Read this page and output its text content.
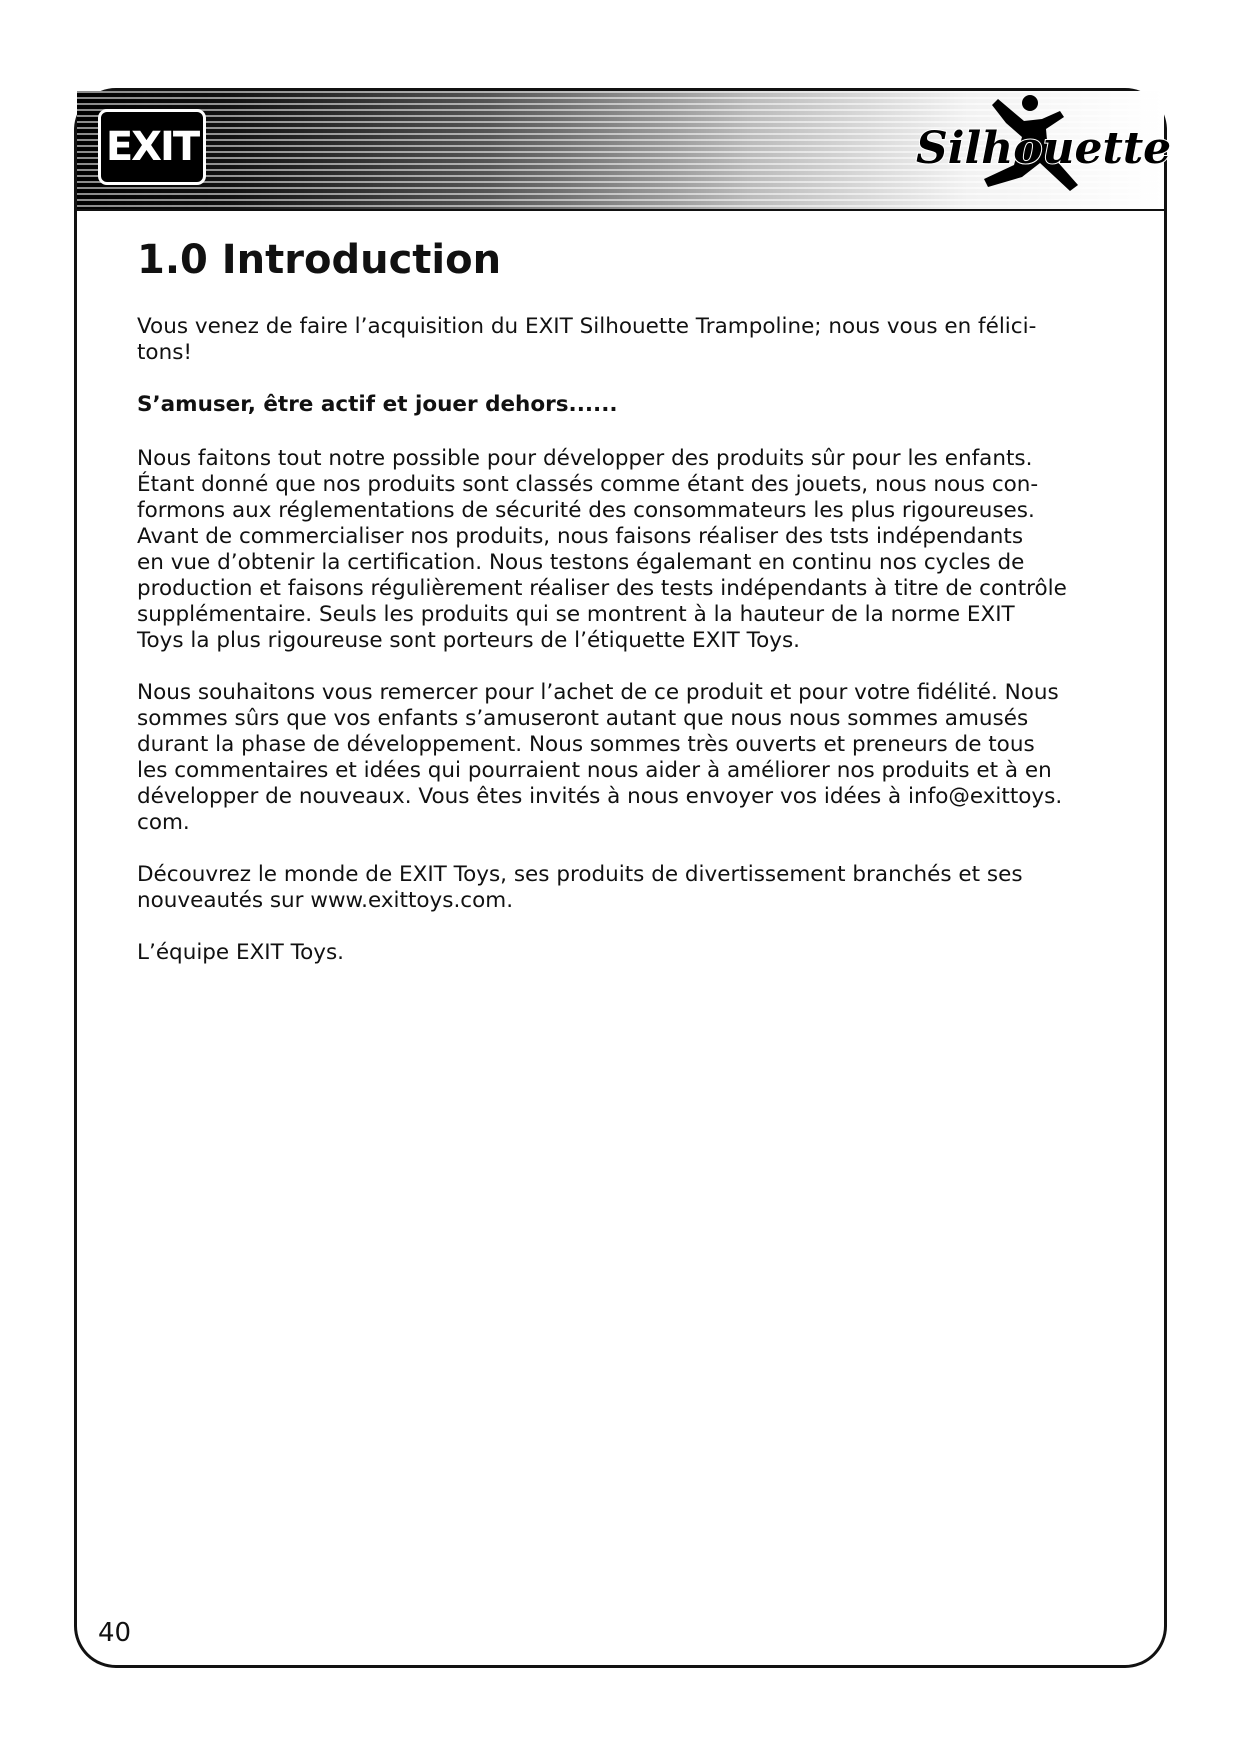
EXIT	Silhouette
1.0 Introduction

Vous venez de faire l’acquisition du EXIT Silhouette Trampoline; nous vous en félici-
tons!

S’amuser, être actif et jouer dehors......

Nous faitons tout notre possible pour développer des produits sûr pour les enfants.
Étant donné que nos produits sont classés comme étant des jouets, nous nous con-
formons aux réglementations de sécurité des consommateurs les plus rigoureuses.
Avant de commercialiser nos produits, nous faisons réaliser des tsts indépendants
en vue d’obtenir la certification. Nous testons égalemant en continu nos cycles de
production et faisons régulièrement réaliser des tests indépendants à titre de contrôle
supplémentaire. Seuls les produits qui se montrent à la hauteur de la norme EXIT
Toys la plus rigoureuse sont porteurs de l’étiquette EXIT Toys.

Nous souhaitons vous remercer pour l’achet de ce produit et pour votre fidélité. Nous
sommes sûrs que vos enfants s’amuseront autant que nous nous sommes amusés
durant la phase de développement. Nous sommes très ouverts et preneurs de tous
les commentaires et idées qui pourraient nous aider à améliorer nos produits et à en
développer de nouveaux. Vous êtes invités à nous envoyer vos idées à info@exittoys.
com.

Découvrez le monde de EXIT Toys, ses produits de divertissement branchés et ses
nouveautés sur www.exittoys.com.

L’équipe EXIT Toys.

40
